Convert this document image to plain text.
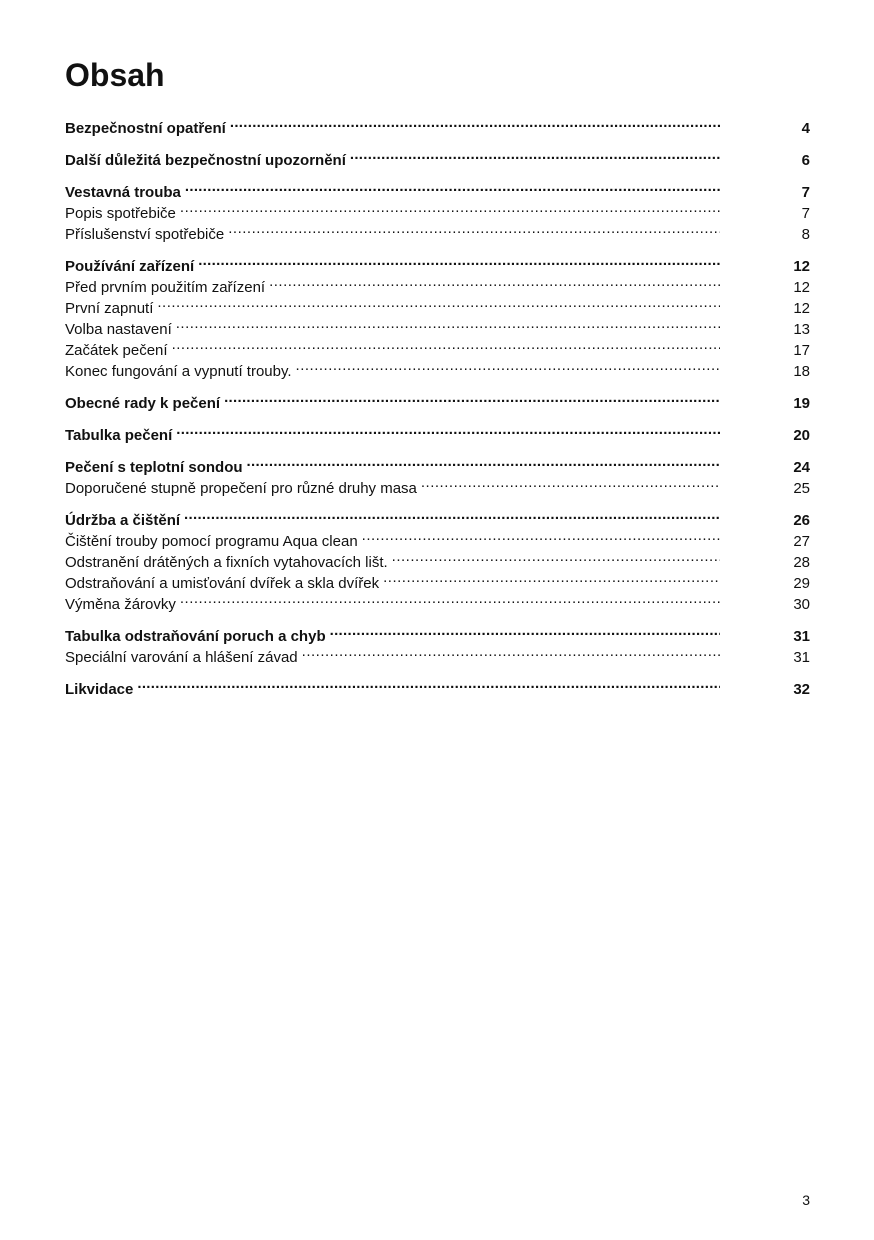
Obsah
Bezpečnostní opatření .....	4
Další důležitá bezpečnostní upozornění .....	6
Vestavná trouba .....	7
Popis spotřebiče .....	7
Příslušenství spotřebiče .....	8
Používání zařízení .....	12
Před prvním použitím zařízení .....	12
První zapnutí .....	12
Volba nastavení .....	13
Začátek pečení .....	17
Konec fungování a vypnutí trouby. .....	18
Obecné rady k pečení .....	19
Tabulka pečení .....	20
Pečení s teplotní sondou .....	24
Doporučené stupně propečení pro různé druhy masa .....	25
Údržba a čištění .....	26
Čištění trouby pomocí programu Aqua clean .....	27
Odstranění drátěných a fixních vytahovacích lišt. .....	28
Odstraňování a umisťování dvířek a skla dvířek .....	29
Výměna žárovky .....	30
Tabulka odstraňování poruch a chyb .....	31
Speciální varování a hlášení závad .....	31
Likvidace .....	32
3
